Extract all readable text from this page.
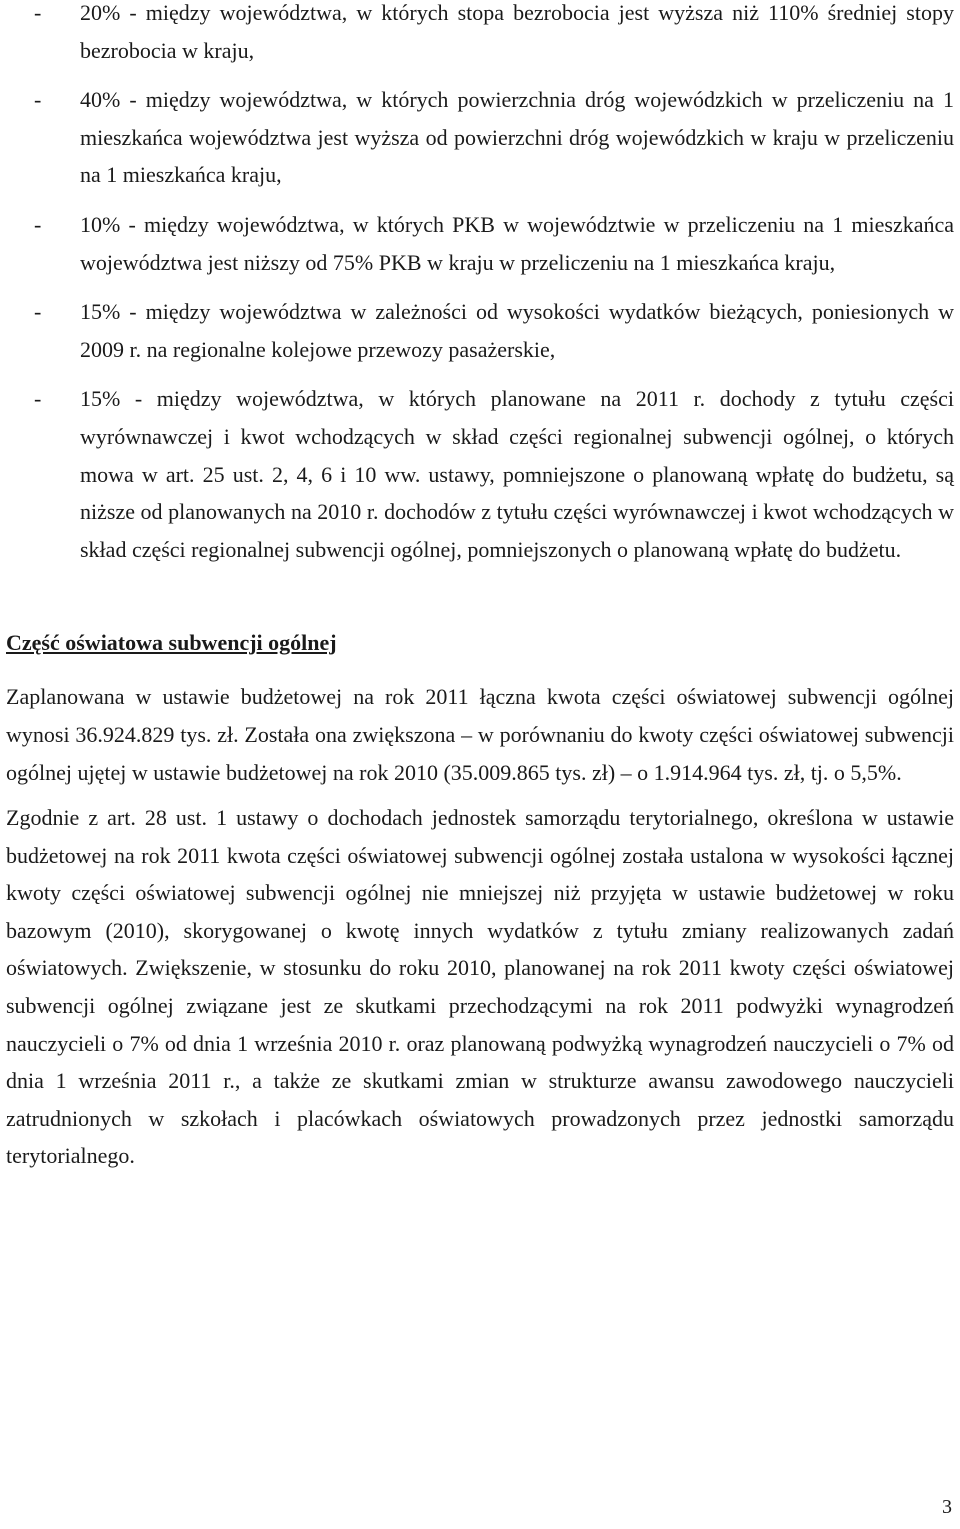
- 20% - między województwa, w których stopa bezrobocia jest wyższa niż 110% średniej stopy bezrobocia w kraju,
- 40% - między województwa, w których powierzchnia dróg wojewódzkich w przeliczeniu na 1 mieszkańca województwa jest wyższa od powierzchni dróg wojewódzkich w kraju w przeliczeniu na 1 mieszkańca kraju,
- 10% - między województwa, w których PKB w województwie w przeliczeniu na 1 mieszkańca województwa jest niższy od 75% PKB w kraju w przeliczeniu na 1 mieszkańca kraju,
- 15% - między województwa w zależności od wysokości wydatków bieżących, poniesionych w 2009 r. na regionalne kolejowe przewozy pasażerskie,
- 15% - między województwa, w których planowane na 2011 r. dochody z tytułu części wyrównawczej i kwot wchodzących w skład części regionalnej subwencji ogólnej, o których mowa w art. 25 ust. 2, 4, 6 i 10 ww. ustawy, pomniejszone o planowaną wpłatę do budżetu, są niższe od planowanych na 2010 r. dochodów z tytułu części wyrównawczej i kwot wchodzących w skład części regionalnej subwencji ogólnej, pomniejszonych o planowaną wpłatę do budżetu.
Część oświatowa subwencji ogólnej

Zaplanowana w ustawie budżetowej na rok 2011 łączna kwota części oświatowej subwencji ogólnej wynosi 36.924.829 tys. zł. Została ona zwiększona – w porównaniu do kwoty części oświatowej subwencji ogólnej ujętej w ustawie budżetowej na rok 2010 (35.009.865 tys. zł) – o 1.914.964 tys. zł, tj. o 5,5%.

Zgodnie z art. 28 ust. 1 ustawy o dochodach jednostek samorządu terytorialnego, określona w ustawie budżetowej na rok 2011 kwota części oświatowej subwencji ogólnej została ustalona w wysokości łącznej kwoty części oświatowej subwencji ogólnej nie mniejszej niż przyjęta w ustawie budżetowej w roku bazowym (2010), skorygowanej o kwotę innych wydatków z tytułu zmiany realizowanych zadań oświatowych. Zwiększenie, w stosunku do roku 2010, planowanej na rok 2011 kwoty części oświatowej subwencji ogólnej związane jest ze skutkami przechodzącymi na rok 2011 podwyżki wynagrodzeń nauczycieli o 7% od dnia 1 września 2010 r. oraz planowaną podwyżką wynagrodzeń nauczycieli o 7% od dnia 1 września 2011 r., a także ze skutkami zmian w strukturze awansu zawodowego nauczycieli zatrudnionych w szkołach i placówkach oświatowych prowadzonych przez jednostki samorządu terytorialnego.

3
